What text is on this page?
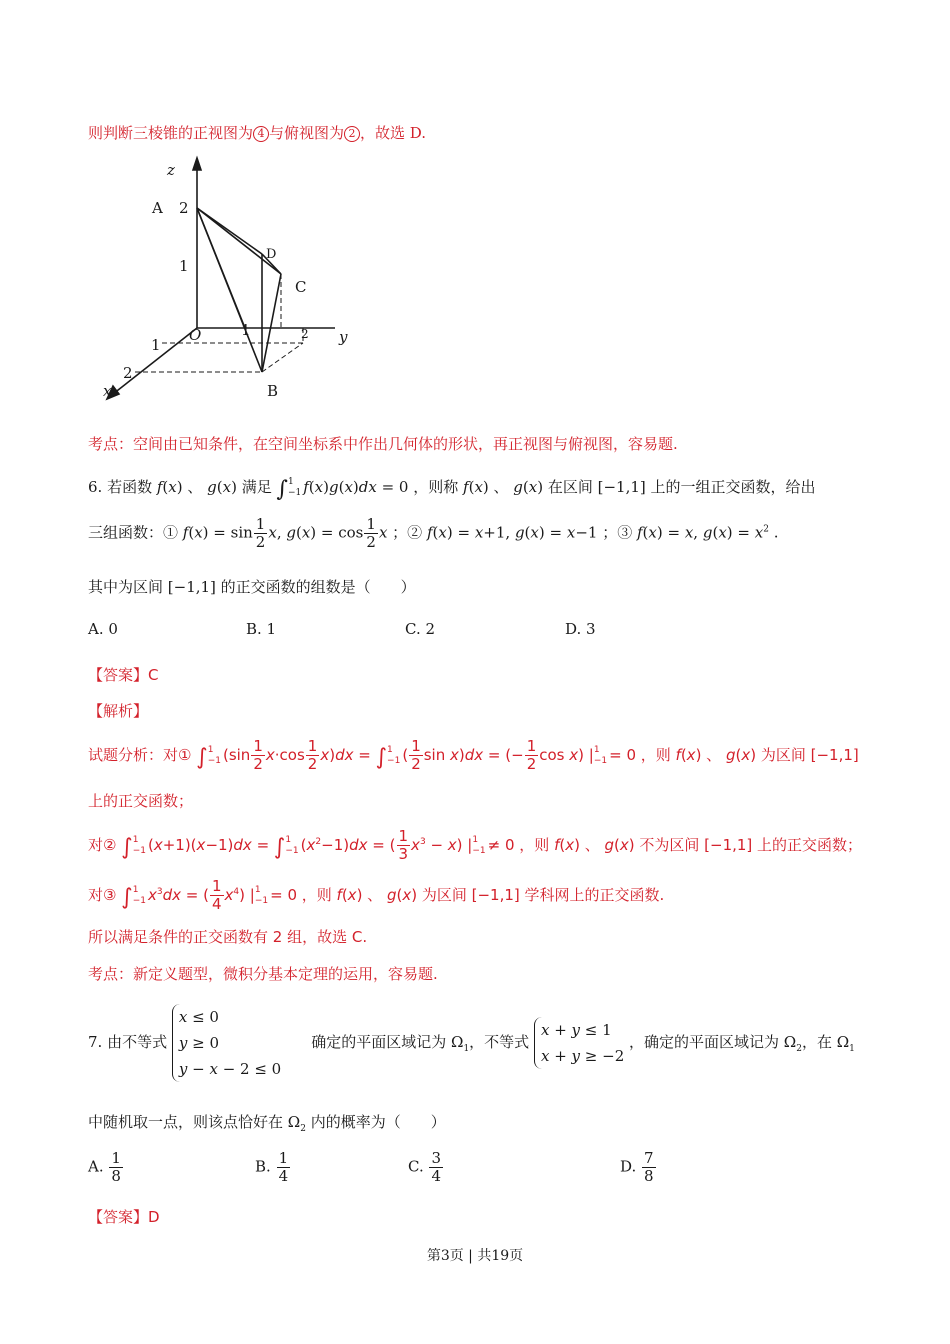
则判断三棱锥的正视图为 4 与俯视图为 2 ，故选 D.
z
y
x
O
A 2
1
B
C
D
1
2
1	2
考点：空间由已知条件，在空间坐标系中作出几何体的形状，再正视图与俯视图，容易题.
6. 若函数 f(x) 、 g(x) 满足 ∫1
−1 f(x)g(x)dx = 0 ，则称 f(x) 、 g(x) 在区间 [−1,1] 上的一组正交函数，给出
三组函数：① $f(x) = \sin \frac{1}{2} x$, $g(x) = \cos \frac{1}{2}$ x ；② f(x) = x+1, g(x) = x−1 ；③ f(x) = x, $g(x) = x^2$ .
其中为区间 [−1,1] 的正交函数的组数是（　　）
A. 0	B. 1	C. 2	D. 3
【答案】C
【解析】
试题分析：对① ∫1
−1 $(\sin \frac{1}{2} x\cdot\cos \frac{1}{2} x)dx = \int 1$
−1 ( $\frac{1}{2}$ sin x)dx = (− $\frac{1}{2}$ cos x) |1
−1 = 0 ，则 f(x) 、 g(x) 为区间 [−1,1]
上的正交函数；
对② ∫1
−1 (x+1)(x−1)dx = ∫1
−1 $(x^2-1)dx$ = ( $\frac{1}{3} x^3 - x$) |1
−1 ≠ 0 ，则 f(x) 、 g(x) 不为区间 [−1,1] 上的正交函数；
对③ ∫1
−1 $x^3dx$ = ( $\frac{1}{4} x^4$) |1
−1 = 0 ，则 f(x) 、 g(x) 为区间 [−1,1] 学科网上的正交函数.
所以满足条件的正交函数有 2 组，故选 C.
考点：新定义题型，微积分基本定理的运用，容易题.
7. 由不等式 x ≤ 0
y ≥ 0
y − x − 2 ≤ 0　　确定的平面区域记为 $\Omega_1$，不等式 x + y ≤ 1
x + y ≥ −2 ，确定的平面区域记为 $\Omega_2$，在 $\Omega_1$
中随机取一点，则该点恰好在 $\Omega_2$ 内的概率为（　　）
A. $\frac{1}{8}$	B. $\frac{1}{4}$	C. $\frac{3}{4}$	D. $\frac{7}{8}$
【答案】D
第3页 | 共19页
